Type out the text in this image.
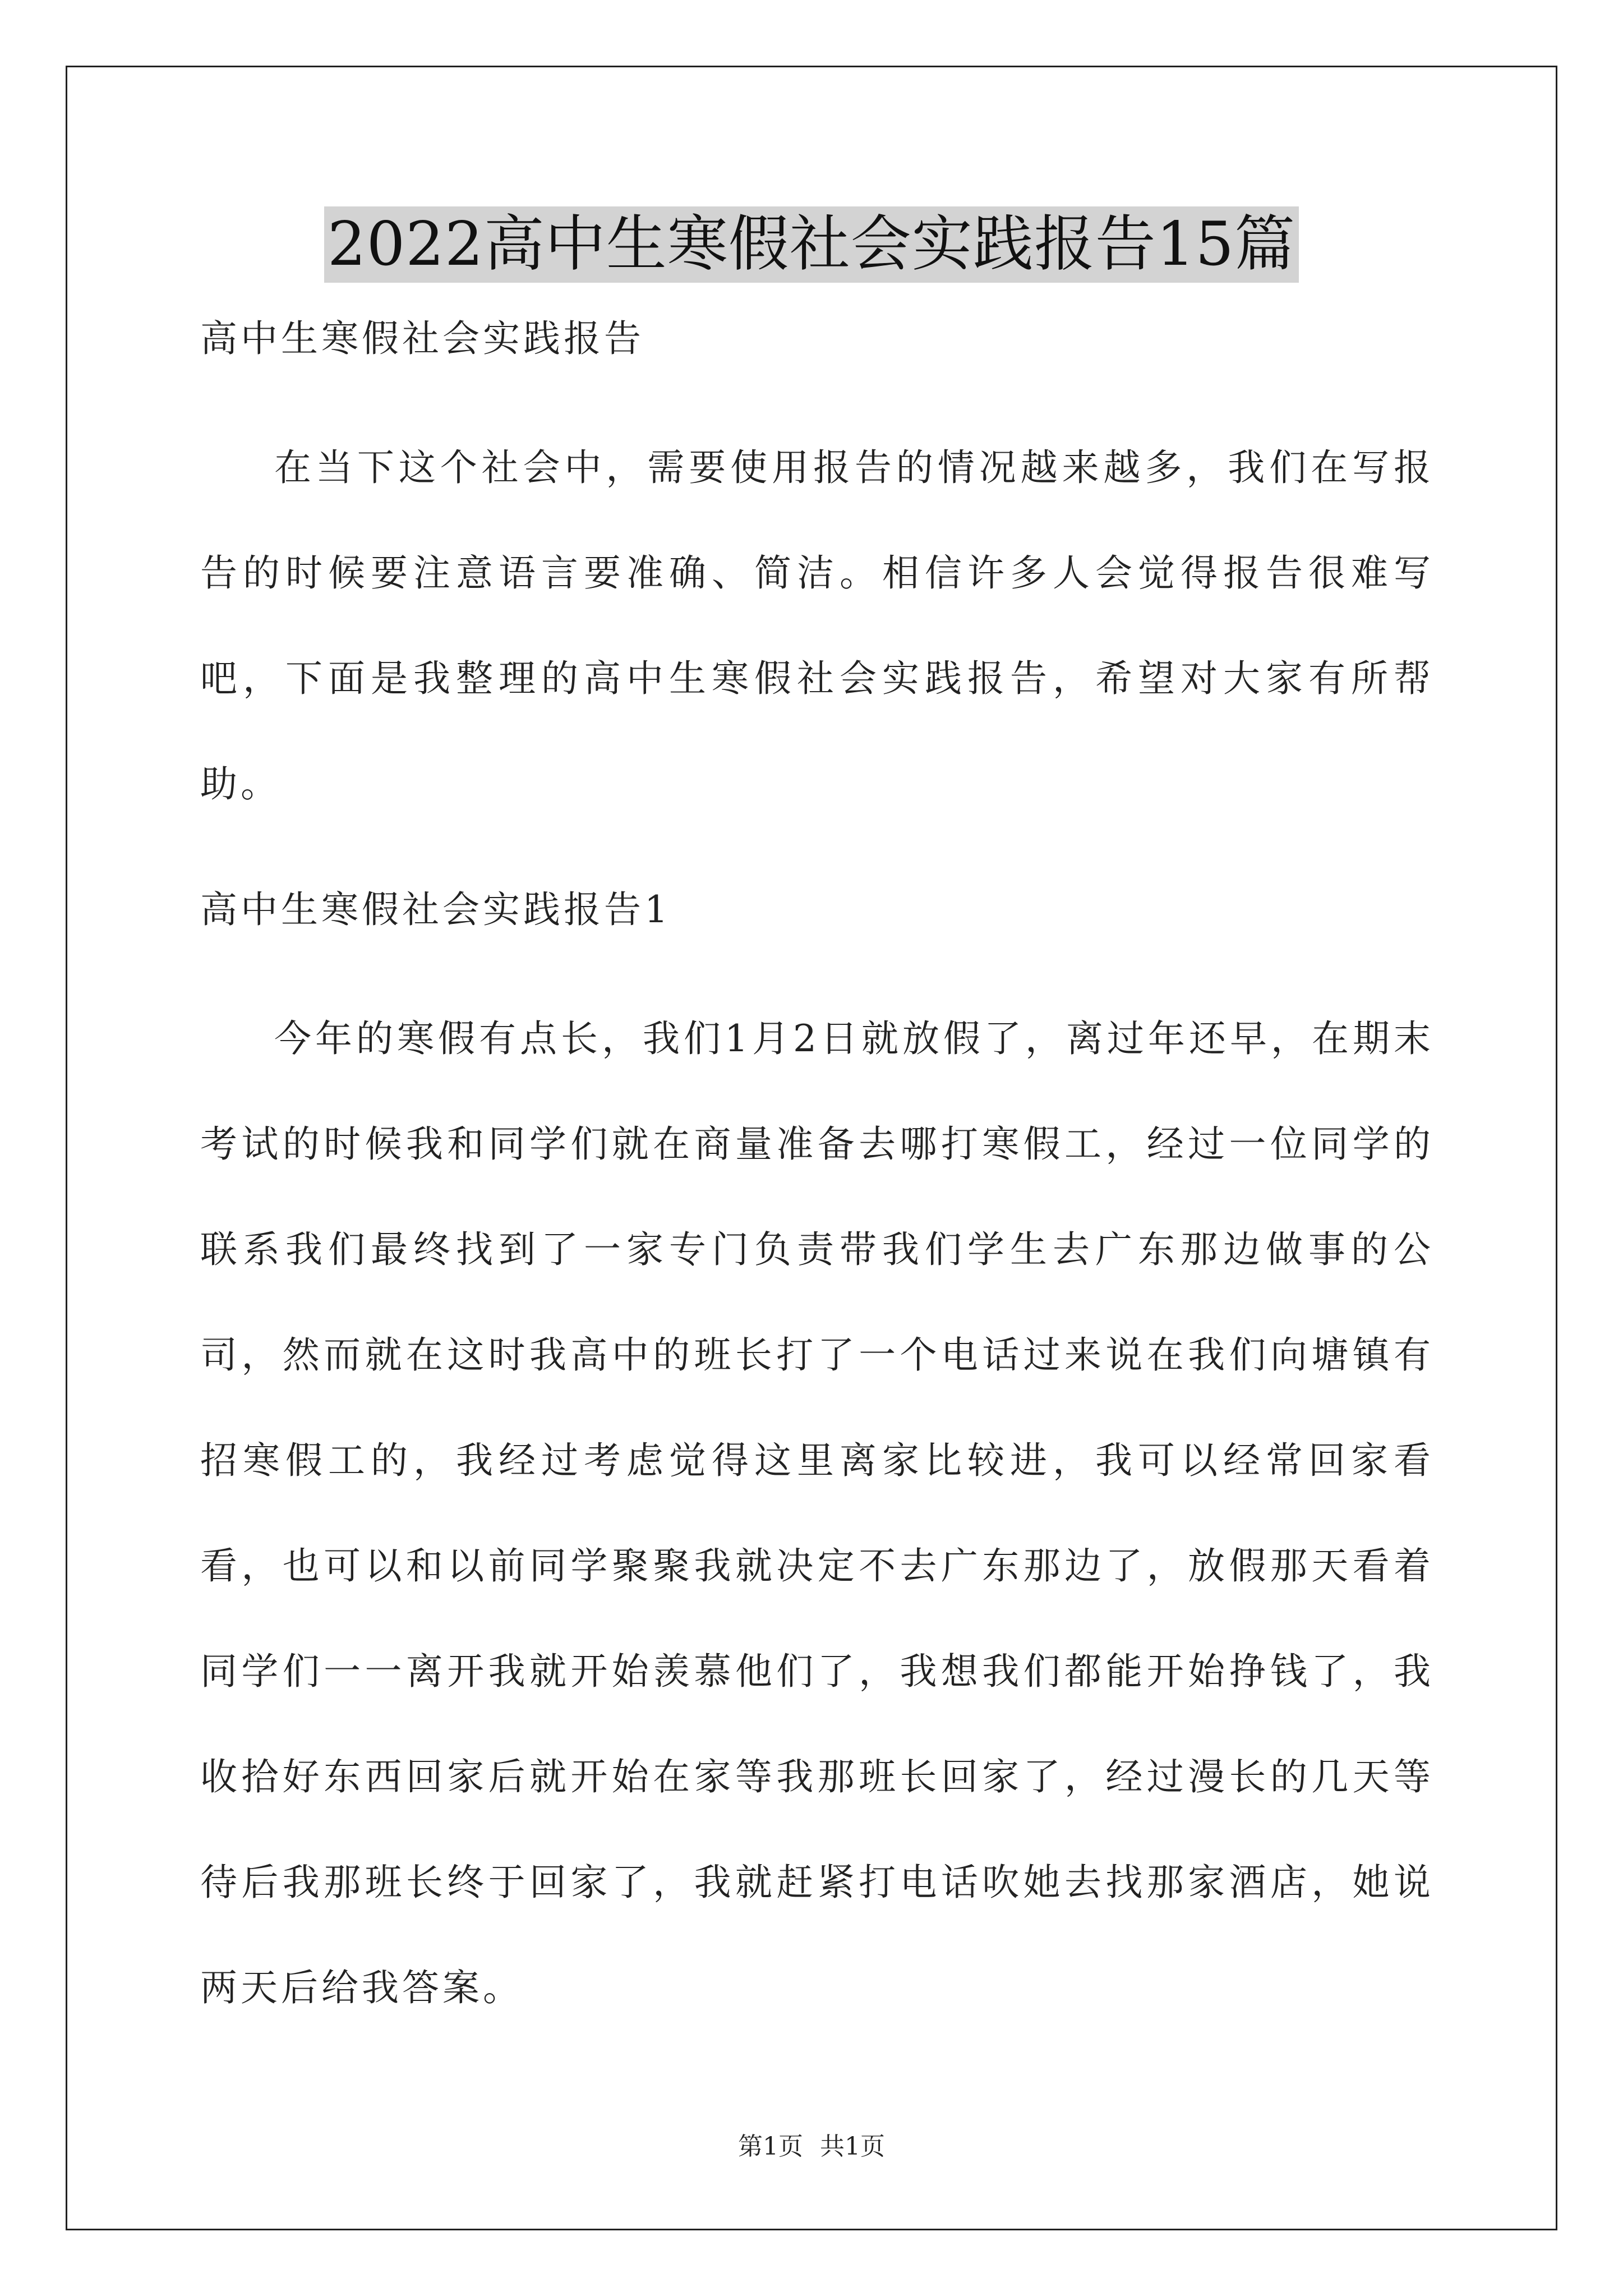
2022高中生寒假社会实践报告15篇

高中生寒假社会实践报告

在当下这个社会中，需要使用报告的情况越来越多，我们在写报告的时候要注意语言要准确、简洁。相信许多人会觉得报告很难写吧，下面是我整理的高中生寒假社会实践报告，希望对大家有所帮助。

高中生寒假社会实践报告1

今年的寒假有点长，我们1月2日就放假了，离过年还早，在期末考试的时候我和同学们就在商量准备去哪打寒假工，经过一位同学的联系我们最终找到了一家专门负责带我们学生去广东那边做事的公司，然而就在这时我高中的班长打了一个电话过来说在我们向塘镇有招寒假工的，我经过考虑觉得这里离家比较进，我可以经常回家看看，也可以和以前同学聚聚我就决定不去广东那边了，放假那天看着同学们一一离开我就开始羡慕他们了，我想我们都能开始挣钱了，我收拾好东西回家后就开始在家等我那班长回家了，经过漫长的几天等待后我那班长终于回家了，我就赶紧打电话吹她去找那家酒店，她说两天后给我答案。

第1页 共1页
